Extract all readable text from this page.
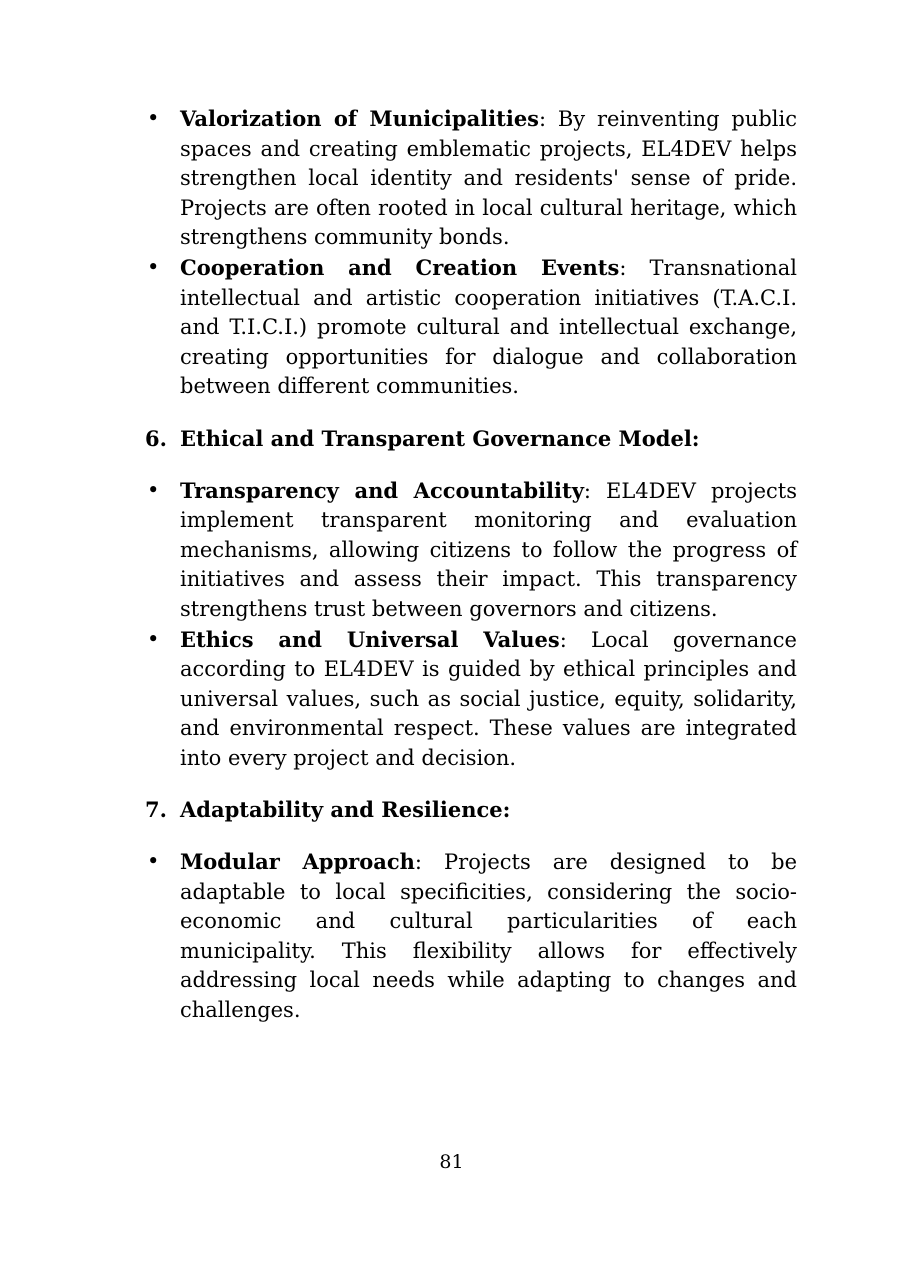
• Valorization of Municipalities: By reinventing public spaces and creating emblematic projects, EL4DEV helps strengthen local identity and residents' sense of pride. Projects are often rooted in local cultural heritage, which strengthens community bonds.

• Cooperation and Creation Events: Transnational intellectual and artistic cooperation initiatives (T.A.C.I. and T.I.C.I.) promote cultural and intellectual exchange, creating opportunities for dialogue and collaboration between different communities.

6. Ethical and Transparent Governance Model:

• Transparency and Accountability: EL4DEV projects implement transparent monitoring and evaluation mechanisms, allowing citizens to follow the progress of initiatives and assess their impact. This transparency strengthens trust between governors and citizens.

• Ethics and Universal Values: Local governance according to EL4DEV is guided by ethical principles and universal values, such as social justice, equity, solidarity, and environmental respect. These values are integrated into every project and decision.

7. Adaptability and Resilience:

• Modular Approach: Projects are designed to be adaptable to local specificities, considering the socio-economic and cultural particularities of each municipality. This flexibility allows for effectively addressing local needs while adapting to changes and challenges.

81
